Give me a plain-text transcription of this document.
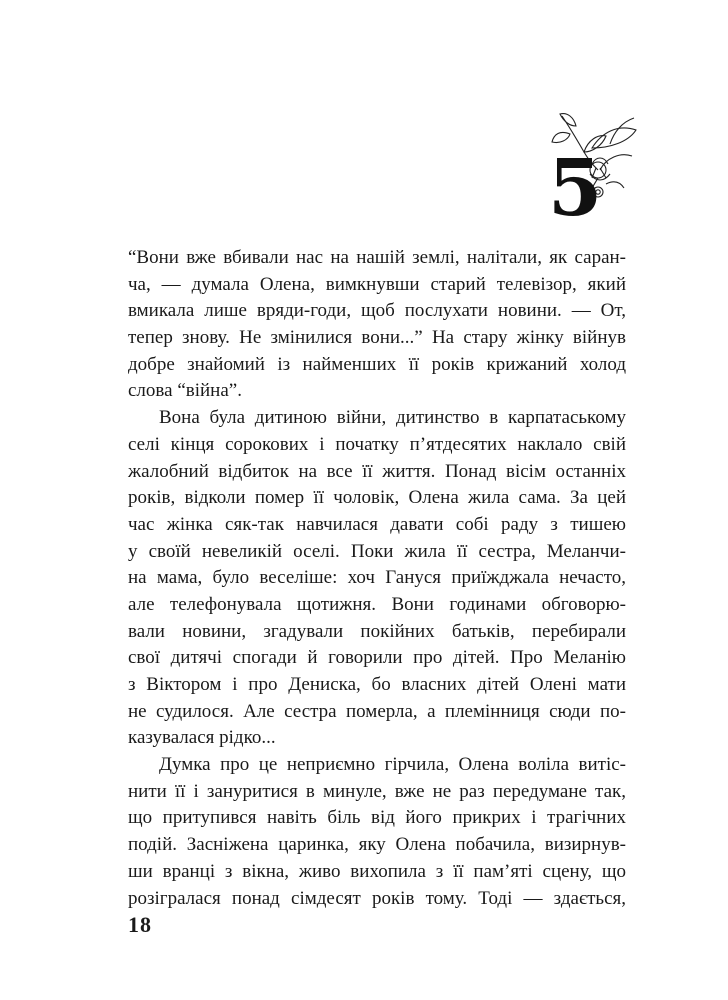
5
“Вони вже вбивали нас на нашій землі, налітали, як саран-
ча, — думала Олена, вимкнувши старий телевізор, який
вмикала лише вряди-годи, щоб послухати новини. — От,
тепер знову. Не змінилися вони...” На стару жінку війнув
добре знайомий із найменших її років крижаний холод
слова “війна”.
Вона була дитиною війни, дитинство в карпатаському
селі кінця сорокових і початку п’ятдесятих наклало свій
жалобний відбиток на все її життя. Понад вісім останніх
років, відколи помер її чоловік, Олена жила сама. За цей
час жінка сяк-так навчилася давати собі раду з тишею
у своїй невеликій оселі. Поки жила її сестра, Меланчи-
на мама, було веселіше: хоч Гануся приїжджала нечасто,
але телефонувала щотижня. Вони годинами обговорю-
вали новини, згадували покійних батьків, перебирали
свої дитячі спогади й говорили про дітей. Про Меланію
з Віктором і про Дениска, бо власних дітей Олені мати
не судилося. Але сестра померла, а племінниця сюди по-
казувалася рідко...
Думка про це неприємно гірчила, Олена воліла витіс-
нити її і зануритися в минуле, вже не раз передумане так,
що притупився навіть біль від його прикрих і трагічних
подій. Засніжена царинка, яку Олена побачила, визирнув-
ши вранці з вікна, живо вихопила з її пам’яті сцену, що
розігралася понад сімдесят років тому. Тоді — здається,
18
